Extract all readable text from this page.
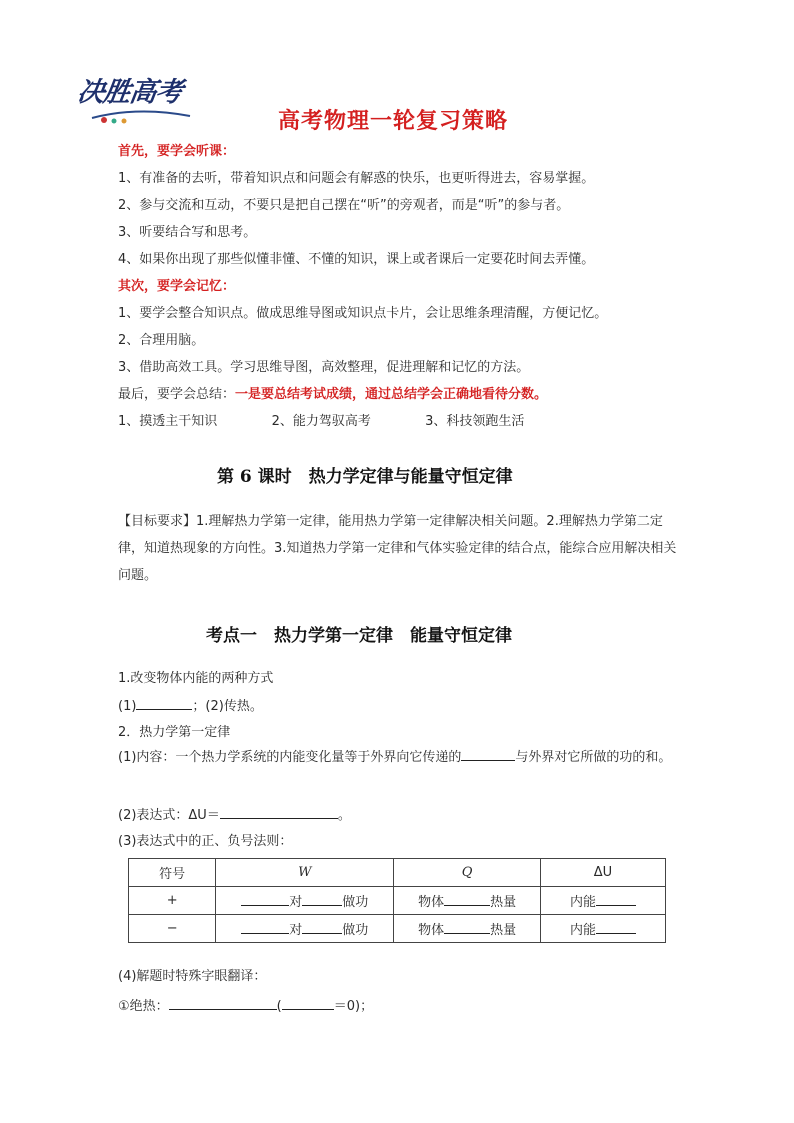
决胜高考
高考物理一轮复习策略
首先，要学会听课：
1、有准备的去听，带着知识点和问题会有解惑的快乐，也更听得进去，容易掌握。
2、参与交流和互动，不要只是把自己摆在“听”的旁观者，而是“听”的参与者。
3、听要结合写和思考。
4、如果你出现了那些似懂非懂、不懂的知识，课上或者课后一定要花时间去弄懂。
其次，要学会记忆：
1、要学会整合知识点。做成思维导图或知识点卡片，会让思维条理清醒，方便记忆。
2、合理用脑。
3、借助高效工具。学习思维导图，高效整理，促进理解和记忆的方法。
最后，要学会总结：一是要总结考试成绩，通过总结学会正确地看待分数。
1、摸透主干知识	2、能力驾驭高考	3、科技领跑生活
第 6 课时　热力学定律与能量守恒定律
【目标要求】1.理解热力学第一定律，能用热力学第一定律解决相关问题。2.理解热力学第二定律，知道热现象的方向性。3.知道热力学第一定律和气体实验定律的结合点，能综合应用解决相关问题。
考点一　热力学第一定律　能量守恒定律
1.改变物体内能的两种方式
(1)	；(2)传热。
2．热力学第一定律
(1)内容：一个热力学系统的内能变化量等于外界向它传递的	与外界对它所做的功的和。
(2)表达式：ΔU＝	。
(3)表达式中的正、负号法则：
符号	W	Q	ΔU
+	对 做功	物体 热量	内能
−	对 做功	物体 热量	内能
(4)解题时特殊字眼翻译：
①绝热：	(	＝0)；
